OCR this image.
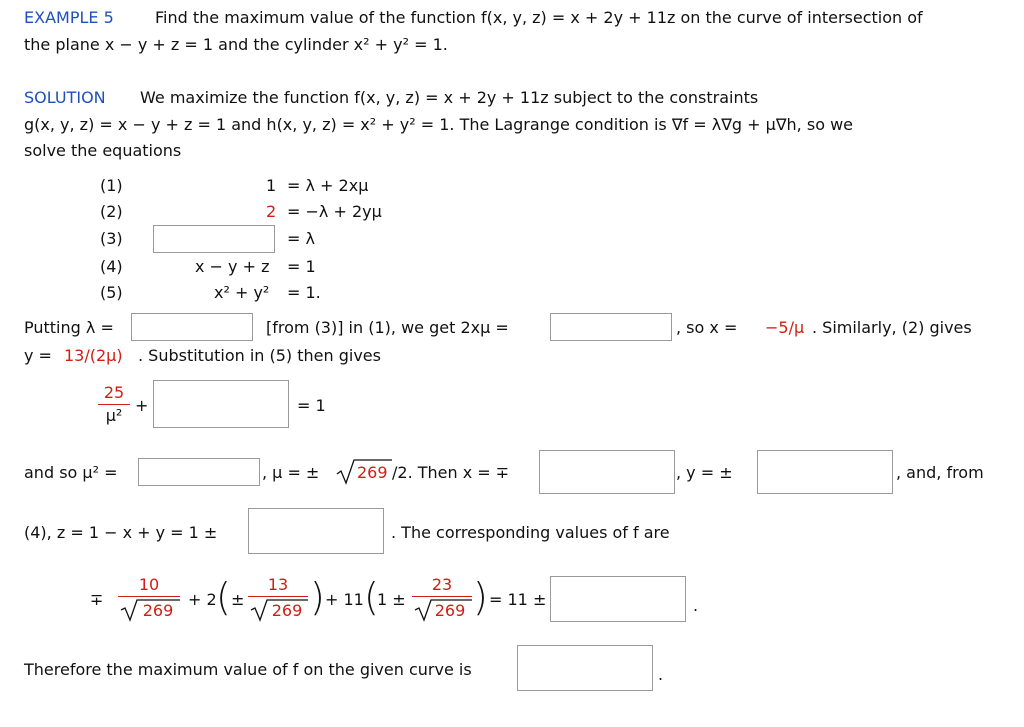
EXAMPLE 5	Find the maximum value of the function f(x, y, z) = x + 2y + 11z on the curve of intersection of
the plane x − y + z = 1 and the cylinder x² + y² = 1.
SOLUTION We maximize the function f(x, y, z) = x + 2y + 11z subject to the constraints
g(x, y, z) = x − y + z = 1 and h(x, y, z) = x² + y² = 1. The Lagrange condition is ∇f = λ∇g + μ∇h, so we
solve the equations
(1)	1 = λ + 2xμ
(2)	2 = −λ + 2yμ
(3)	= λ
(4)	x − y + z = 1
(5)	x² + y² = 1.
Putting λ =	[from (3)] in (1), we get 2xμ =	, so x = −5/μ . Similarly, (2) gives
y = 13/(2μ) . Substitution in (5) then gives
25
μ²
+	= 1
and so μ² =	, μ = ± 269 /2. Then x = ∓	, y = ±	, and, from
(4), z = 1 − x + y = 1 ±	. The corresponding values of f are
∓
10
269
+ 2 ( ±
13
269 ) + 11 (
1 ±
23
269 ) = 11 ±	.
Therefore the maximum value of f on the given curve is	.
